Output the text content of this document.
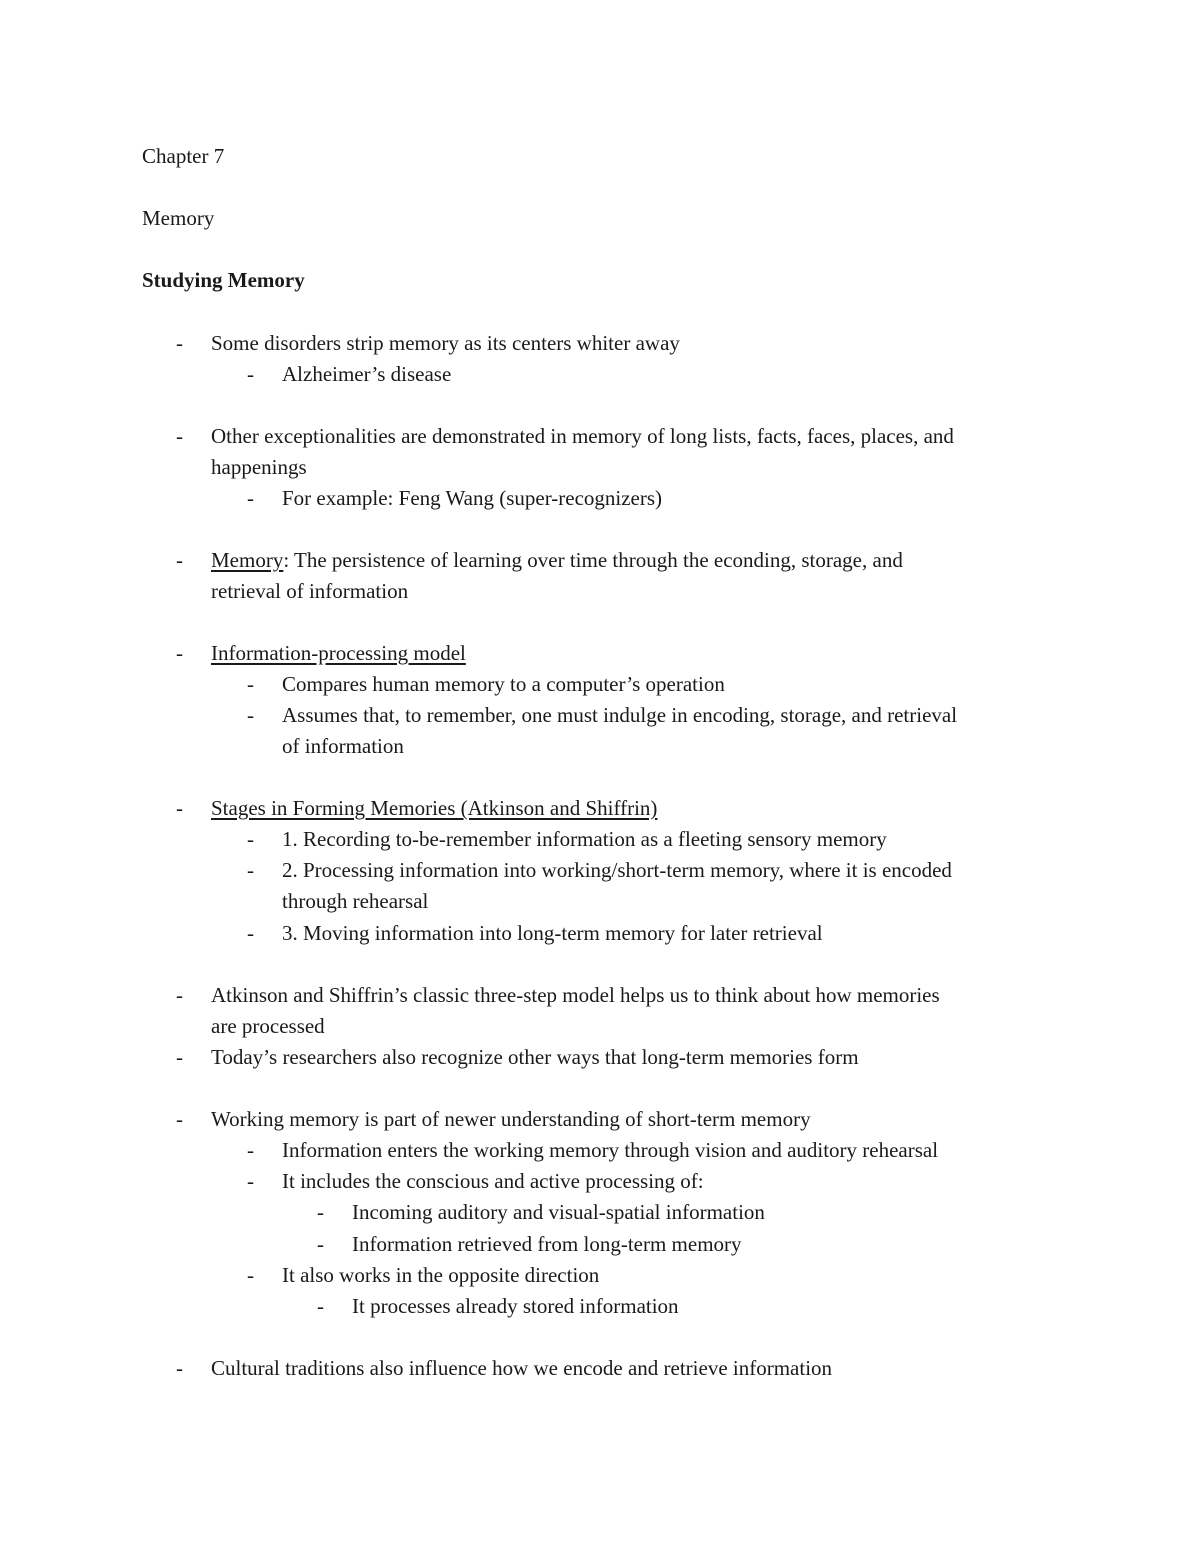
Chapter 7
Memory
Studying Memory
- Some disorders strip memory as its centers whiter away
- Alzheimer’s disease
- Other exceptionalities are demonstrated in memory of long lists, facts, faces, places, and
happenings
- For example: Feng Wang (super-recognizers)
- Memory: The persistence of learning over time through the econding, storage, and
retrieval of information
- Information-processing model
- Compares human memory to a computer’s operation
- Assumes that, to remember, one must indulge in encoding, storage, and retrieval
of information
- Stages in Forming Memories (Atkinson and Shiffrin)
- 1. Recording to-be-remember information as a fleeting sensory memory
- 2. Processing information into working/short-term memory, where it is encoded
through rehearsal
- 3. Moving information into long-term memory for later retrieval
- Atkinson and Shiffrin’s classic three-step model helps us to think about how memories
are processed
- Today’s researchers also recognize other ways that long-term memories form
- Working memory is part of newer understanding of short-term memory
- Information enters the working memory through vision and auditory rehearsal
- It includes the conscious and active processing of:
- Incoming auditory and visual-spatial information
- Information retrieved from long-term memory
- It also works in the opposite direction
- It processes already stored information
- Cultural traditions also influence how we encode and retrieve information
